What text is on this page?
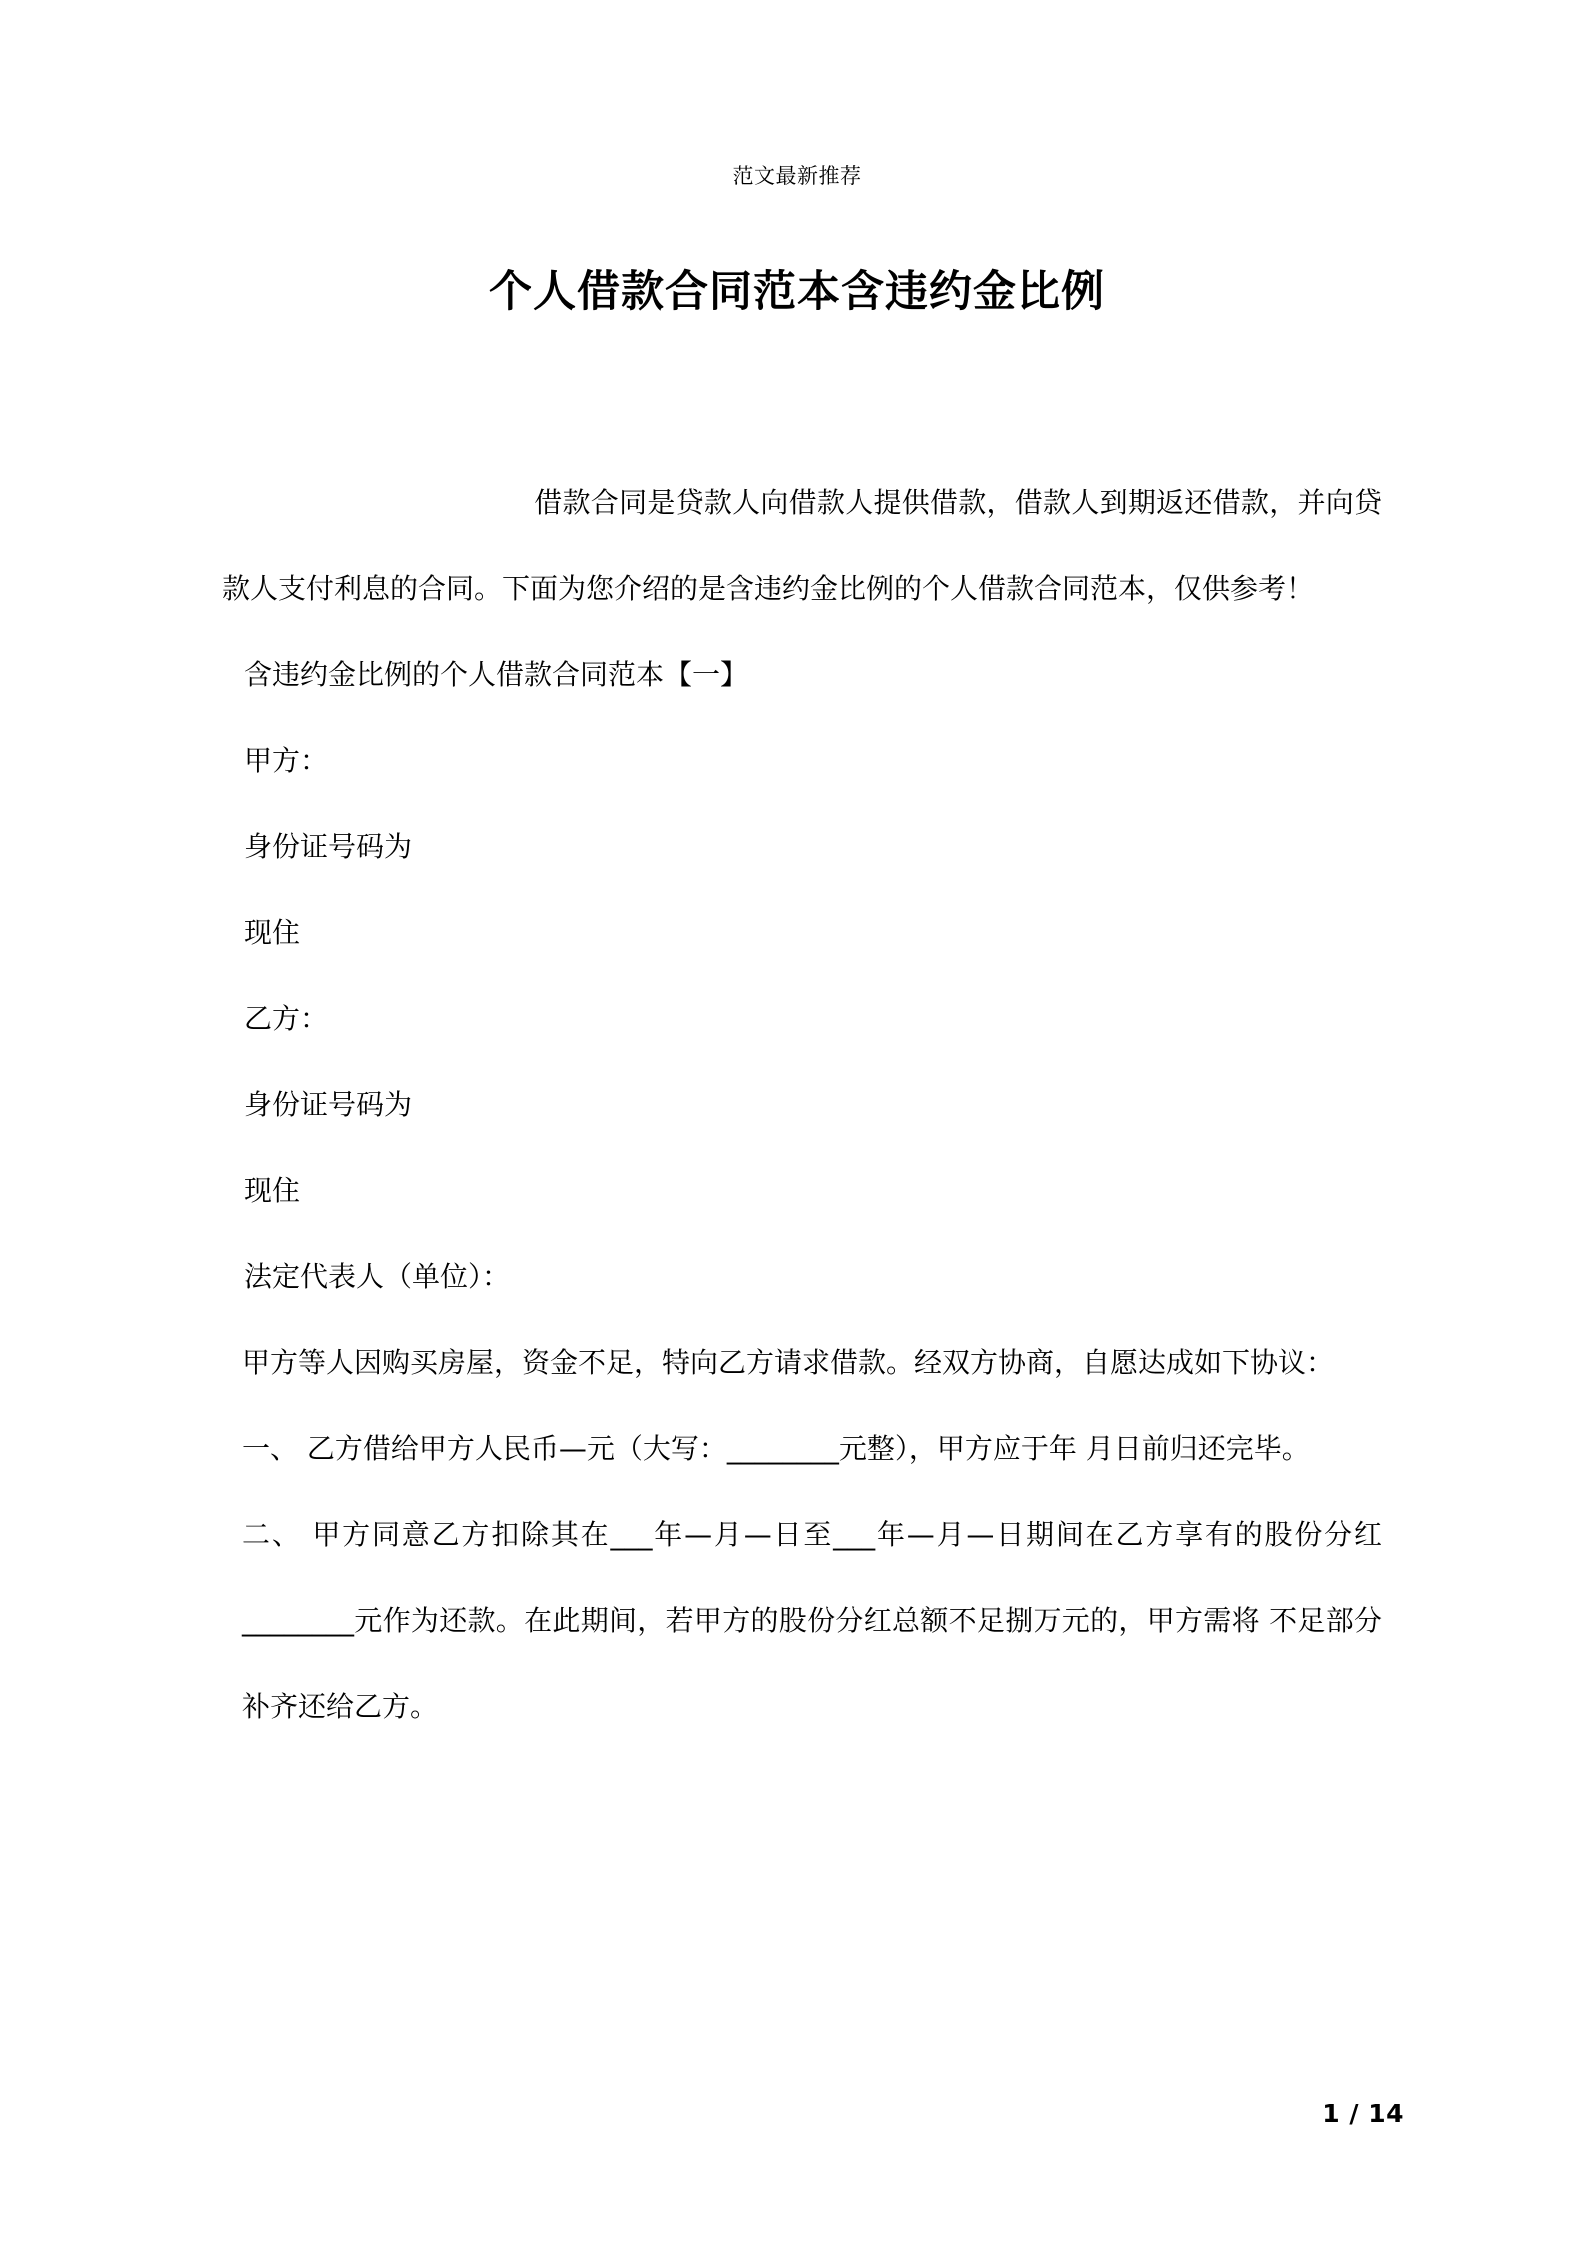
范文最新推荐
个人借款合同范本含违约金比例

借款合同是贷款人向借款人提供借款，借款人到期返还借款，并向贷款人支付利息的合同。下面为您介绍的是含违约金比例的个人借款合同范本，仅供参考！

含违约金比例的个人借款合同范本【一】

甲方：

身份证号码为

现住

乙方：

身份证号码为

现住

法定代表人（单位）：

甲方等人因购买房屋，资金不足，特向乙方请求借款。经双方协商，自愿达成如下协议：

一、 乙方借给甲方人民币—元（大写：________元整），甲方应于年 月日前归还完毕。

二、 甲方同意乙方扣除其在___年—月—日至___年—月—日期间在乙方享有的股份分红  ________元作为还款。在此期间，若甲方的股份分红总额不足捌万元的，甲方需将 不足部分补齐还给乙方。

1 / 14
